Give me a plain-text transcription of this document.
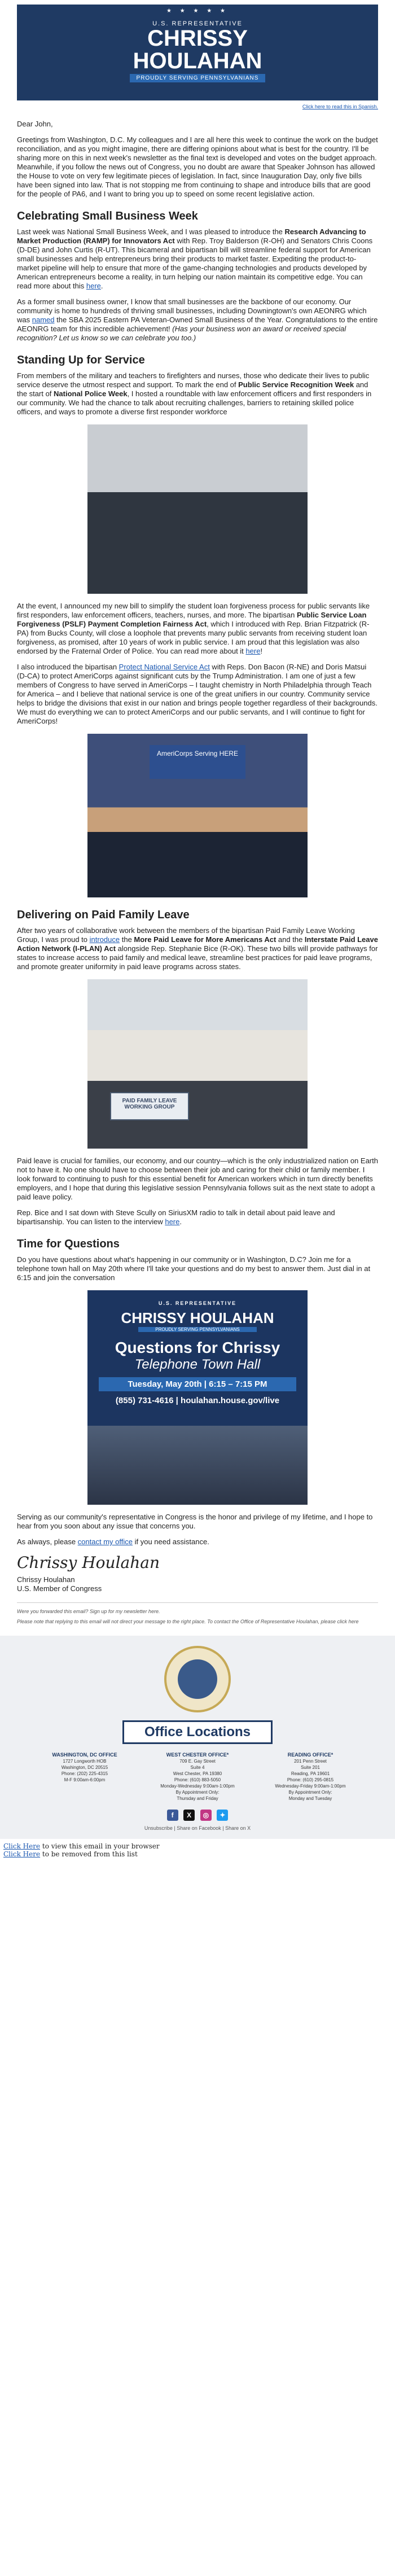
★ ★ ★ ★ ★
U.S. REPRESENTATIVE
CHRISSY
HOULAHAN
PROUDLY SERVING PENNSYLVANIANS
Click here to read this in Spanish.

Dear John,

Greetings from Washington, D.C. My colleagues and I are all here this week to continue the work on the budget reconciliation, and as you might imagine, there are differing opinions about what is best for the country. I'll be sharing more on this in next week's newsletter as the final text is developed and votes on the budget approach. Meanwhile, if you follow the news out of Congress, you no doubt are aware that Speaker Johnson has allowed the House to vote on very few legitimate pieces of legislation. In fact, since Inauguration Day, only five bills have been signed into law. That is not stopping me from continuing to shape and introduce bills that are good for the people of PA6, and I want to bring you up to speed on some recent legislative action.

Celebrating Small Business Week

Last week was National Small Business Week, and I was pleased to introduce the Research Advancing to Market Production (RAMP) for Innovators Act with Rep. Troy Balderson (R-OH) and Senators Chris Coons (D-DE) and John Curtis (R-UT). This bicameral and bipartisan bill will streamline federal support for American small businesses and help entrepreneurs bring their products to market faster. Expediting the product-to-market pipeline will help to ensure that more of the game-changing technologies and products developed by American entrepreneurs become a reality, in turn helping our nation maintain its competitive edge. You can read more about this here.

As a former small business owner, I know that small businesses are the backbone of our economy. Our community is home to hundreds of thriving small businesses, including Downingtown's own AEONRG which was named the SBA 2025 Eastern PA Veteran-Owned Small Business of the Year. Congratulations to the entire AEONRG team for this incredible achievement! (Has your business won an award or received special recognition? Let us know so we can celebrate you too.)

Standing Up for Service

From members of the military and teachers to firefighters and nurses, those who dedicate their lives to public service deserve the utmost respect and support. To mark the end of Public Service Recognition Week and the start of National Police Week, I hosted a roundtable with law enforcement officers and first responders in our community. We had the chance to talk about recruiting challenges, barriers to retaining skilled police officers, and ways to promote a diverse first responder workforce

At the event, I announced my new bill to simplify the student loan forgiveness process for public servants like first responders, law enforcement officers, teachers, nurses, and more. The bipartisan Public Service Loan Forgiveness (PSLF) Payment Completion Fairness Act, which I introduced with Rep. Brian Fitzpatrick (R-PA) from Bucks County, will close a loophole that prevents many public servants from receiving student loan forgiveness, as promised, after 10 years of work in public service. I am proud that this legislation was also endorsed by the Fraternal Order of Police. You can read more about it here!

I also introduced the bipartisan Protect National Service Act with Reps. Don Bacon (R-NE) and Doris Matsui (D-CA) to protect AmeriCorps against significant cuts by the Trump Administration. I am one of just a few members of Congress to have served in AmeriCorps – I taught chemistry in North Philadelphia through Teach for America – and I believe that national service is one of the great unifiers in our country. Community service helps to bridge the divisions that exist in our nation and brings people together regardless of their backgrounds. We must do everything we can to protect AmeriCorps and our public servants, and I will continue to fight for AmeriCorps!

AmeriCorps Serving HERE
Delivering on Paid Family Leave

After two years of collaborative work between the members of the bipartisan Paid Family Leave Working Group, I was proud to introduce the More Paid Leave for More Americans Act and the Interstate Paid Leave Action Network (I-PLAN) Act alongside Rep. Stephanie Bice (R-OK). These two bills will provide pathways for states to increase access to paid family and medical leave, streamline best practices for paid leave programs, and promote greater uniformity in paid leave programs across states.

PAID FAMILY LEAVE WORKING GROUP

Paid leave is crucial for families, our economy, and our country—which is the only industrialized nation on Earth not to have it. No one should have to choose between their job and caring for their child or family member. I look forward to continuing to push for this essential benefit for American workers which in turn directly benefits employers, and I hope that during this legislative session Pennsylvania follows suit as the next state to adopt a paid leave policy.

Rep. Bice and I sat down with Steve Scully on SiriusXM radio to talk in detail about paid leave and bipartisanship. You can listen to the interview here.

Time for Questions

Do you have questions about what's happening in our community or in Washington, D.C? Join me for a telephone town hall on May 20th where I'll take your questions and do my best to answer them. Just dial in at 6:15 and join the conversation

U.S. REPRESENTATIVE
CHRISSY HOULAHAN
PROUDLY SERVING PENNSYLVANIANS
Questions for Chrissy
Telephone Town Hall
Tuesday, May 20th | 6:15 – 7:15 PM
(855) 731-4616 | houlahan.house.gov/live

Serving as our community's representative in Congress is the honor and privilege of my lifetime, and I hope to hear from you soon about any issue that concerns you.

As always, please contact my office if you need assistance.

Chrissy Houlahan

Chrissy Houlahan

U.S. Member of Congress

Were you forwarded this email? Sign up for my newsletter here.
Please note that replying to this email will not direct your message to the right place. To contact the Office of Representative Houlahan, please click here
Office Locations
WASHINGTON, DC OFFICE
1727 Longworth HOB
Washington, DC 20515
Phone: (202) 225-4315
M-F 9:00am-6:00pm
WEST CHESTER OFFICE*
709 E. Gay Street
Suite 4
West Chester, PA 19380
Phone: (610) 883-5050
Monday-Wednesday 9:00am-1:00pm
By Appointment Only:
Thursday and Friday
READING OFFICE*
201 Penn Street
Suite 201
Reading, PA 19601
Phone: (610) 295-0815
Wednesday-Friday 9:00am-1:00pm
By Appointment Only:
Monday and Tuesday
f X ◎ ✦
Unsubscribe | Share on Facebook | Share on X
Click Here to view this email in your browser
Click Here to be removed from this list
